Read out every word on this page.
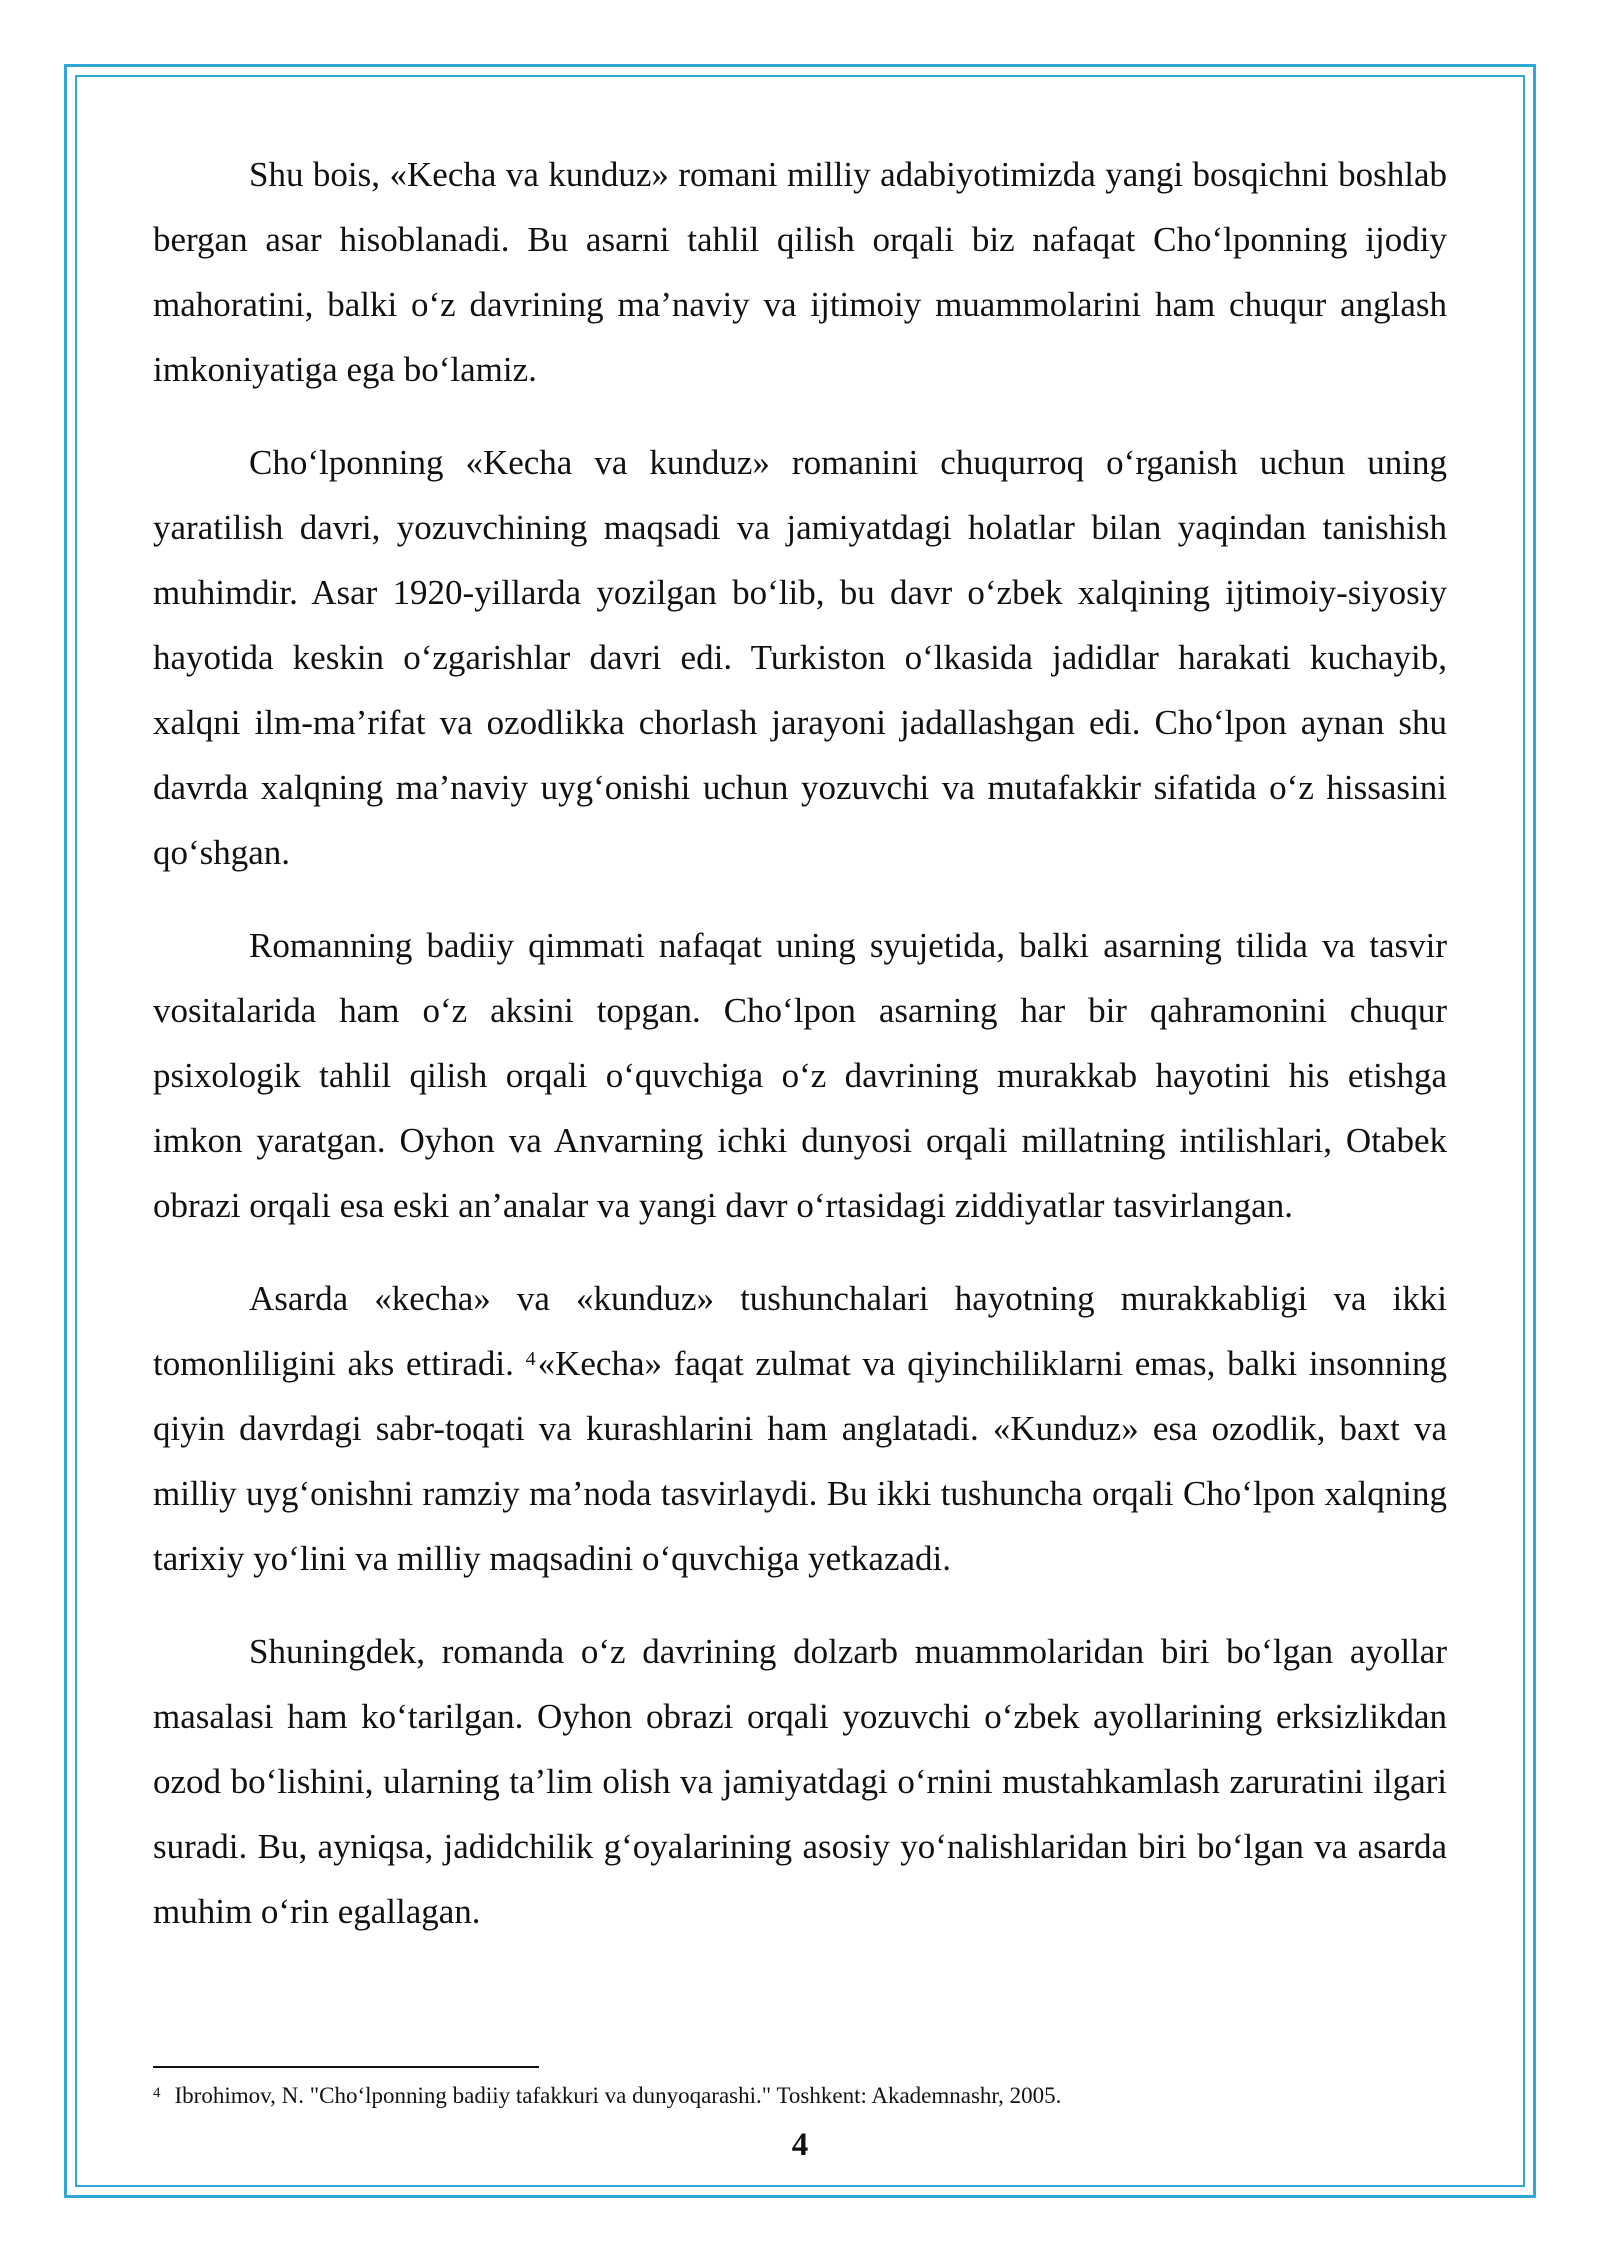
Shu bois, «Kecha va kunduz» romani milliy adabiyotimizda yangi bosqichni boshlab bergan asar hisoblanadi. Bu asarni tahlil qilish orqali biz nafaqat Cho‘lponning ijodiy mahoratini, balki o‘z davrining ma’naviy va ijtimoiy muammolarini ham chuqur anglash imkoniyatiga ega bo‘lamiz.

Cho‘lponning «Kecha va kunduz» romanini chuqurroq o‘rganish uchun uning yaratilish davri, yozuvchining maqsadi va jamiyatdagi holatlar bilan yaqindan tanishish muhimdir. Asar 1920-yillarda yozilgan bo‘lib, bu davr o‘zbek xalqining ijtimoiy-siyosiy hayotida keskin o‘zgarishlar davri edi. Turkiston o‘lkasida jadidlar harakati kuchayib, xalqni ilm-ma’rifat va ozodlikka chorlash jarayoni jadallashgan edi. Cho‘lpon aynan shu davrda xalqning ma’naviy uyg‘onishi uchun yozuvchi va mutafakkir sifatida o‘z hissasini qo‘shgan.

Romanning badiiy qimmati nafaqat uning syujetida, balki asarning tilida va tasvir vositalarida ham o‘z aksini topgan. Cho‘lpon asarning har bir qahramonini chuqur psixologik tahlil qilish orqali o‘quvchiga o‘z davrining murakkab hayotini his etishga imkon yaratgan. Oyhon va Anvarning ichki dunyosi orqali millatning intilishlari, Otabek obrazi orqali esa eski an’analar va yangi davr o‘rtasidagi ziddiyatlar tasvirlangan.

Asarda «kecha» va «kunduz» tushunchalari hayotning murakkabligi va ikki tomonliligini aks ettiradi. $^4$«Kecha» faqat zulmat va qiyinchiliklarni emas, balki insonning qiyin davrdagi sabr-toqati va kurashlarini ham anglatadi. «Kunduz» esa ozodlik, baxt va milliy uyg‘onishni ramziy ma’noda tasvirlaydi. Bu ikki tushuncha orqali Cho‘lpon xalqning tarixiy yo‘lini va milliy maqsadini o‘quvchiga yetkazadi.

Shuningdek, romanda o‘z davrining dolzarb muammolaridan biri bo‘lgan ayollar masalasi ham ko‘tarilgan. Oyhon obrazi orqali yozuvchi o‘zbek ayollarining erksizlikdan ozod bo‘lishini, ularning ta’lim olish va jamiyatdagi o‘rnini mustahkamlash zaruratini ilgari suradi. Bu, ayniqsa, jadidchilik g‘oyalarining asosiy yo‘nalishlaridan biri bo‘lgan va asarda muhim o‘rin egallagan.

$^4$ Ibrohimov, N. "Cho‘lponning badiiy tafakkuri va dunyoqarashi." Toshkent: Akademnashr, 2005.
4
